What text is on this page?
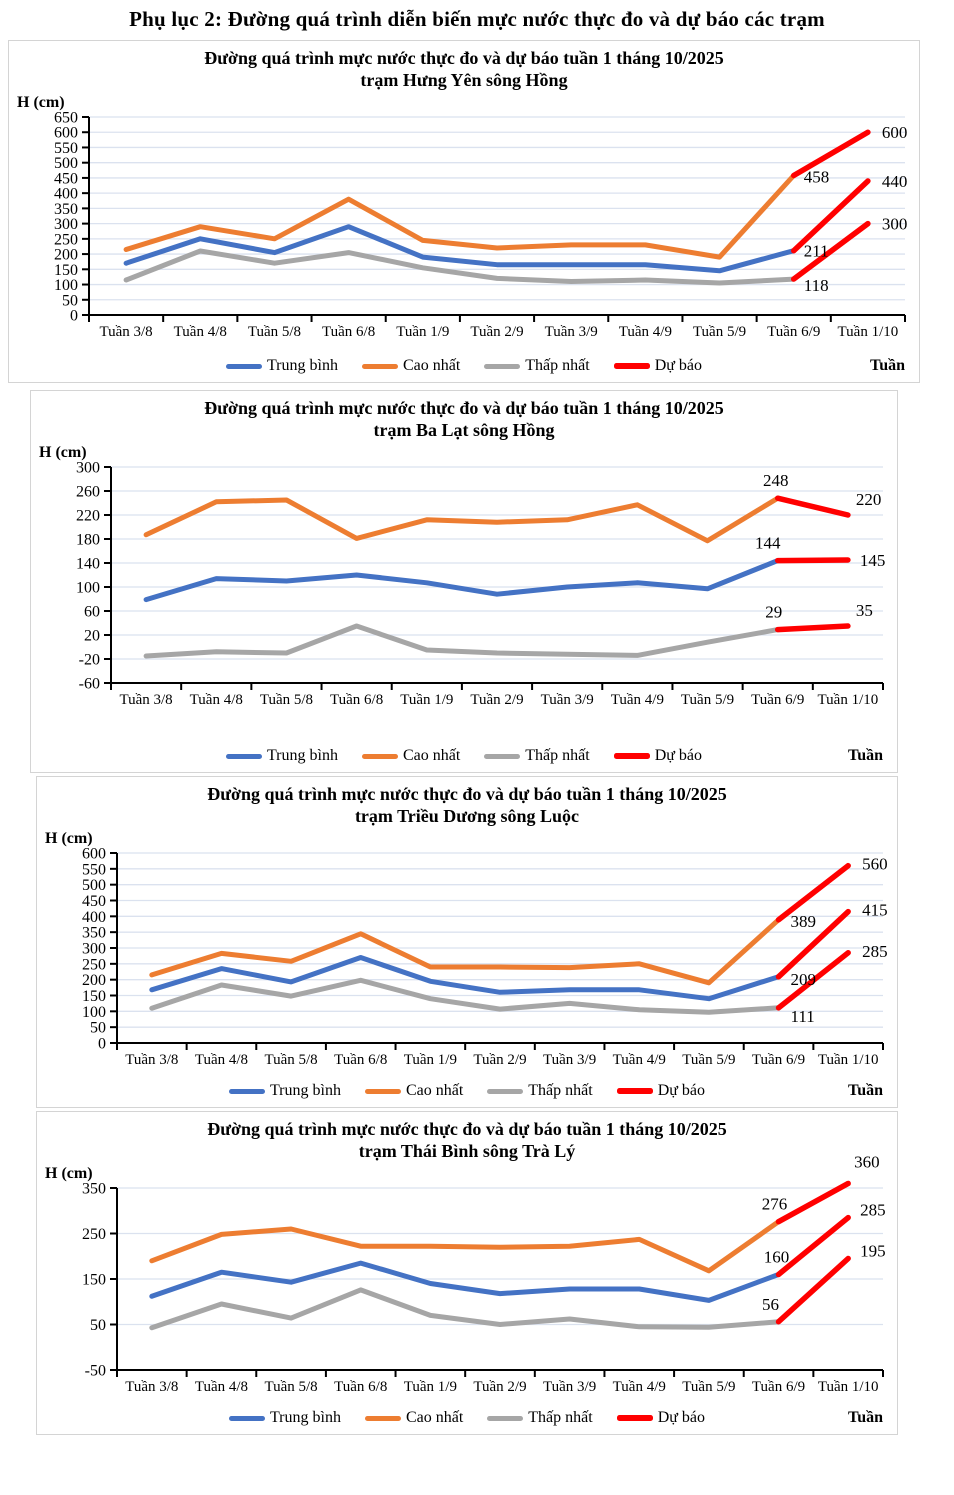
Phụ lục 2: Đường quá trình diễn biến mực nước thực đo và dự báo các trạm
Đường quá trình mực nước thực đo và dự báo tuần 1 tháng 10/2025
trạm Hưng Yên sông Hồng
0
50
100
150
200
250
300
350
400
450
500
550
600
650
Tuần 3/8 Tuần 4/8 Tuần 5/8 Tuần 6/8 Tuần 1/9 Tuần 2/9 Tuần 3/9 Tuần 4/9 Tuần 5/9 Tuần 6/9 Tuần 1/10
458
211
118
600
440
300
H (cm)
Trung bình	Cao nhất	Thấp nhất	Dự báo	Tuần
Đường quá trình mực nước thực đo và dự báo tuần 1 tháng 10/2025
trạm Ba Lạt sông Hồng
-60
-20
20
60
100
140
180
220
260
300
Tuần 3/8 Tuần 4/8 Tuần 5/8 Tuần 6/8 Tuần 1/9 Tuần 2/9 Tuần 3/9 Tuần 4/9 Tuần 5/9 Tuần 6/9 Tuần 1/10
248
144
29
220
145
35
H (cm)
Trung bình	Cao nhất	Thấp nhất	Dự báo	Tuần
Đường quá trình mực nước thực đo và dự báo tuần 1 tháng 10/2025
trạm Triều Dương sông Luộc
0
50
100
150
200
250
300
350
400
450
500
550
600
Tuần 3/8 Tuần 4/8 Tuần 5/8 Tuần 6/8 Tuần 1/9 Tuần 2/9 Tuần 3/9 Tuần 4/9 Tuần 5/9 Tuần 6/9 Tuần 1/10
389
209
111
560
415
285
H (cm)
Trung bình	Cao nhất	Thấp nhất	Dự báo	Tuần
Đường quá trình mực nước thực đo và dự báo tuần 1 tháng 10/2025
trạm Thái Bình sông Trà Lý
-50
50
150
250
350
Tuần 3/8 Tuần 4/8 Tuần 5/8 Tuần 6/8 Tuần 1/9 Tuần 2/9 Tuần 3/9 Tuần 4/9 Tuần 5/9 Tuần 6/9 Tuần 1/10
276
160
56
360
285
195
H (cm)
Trung bình	Cao nhất	Thấp nhất	Dự báo	Tuần
